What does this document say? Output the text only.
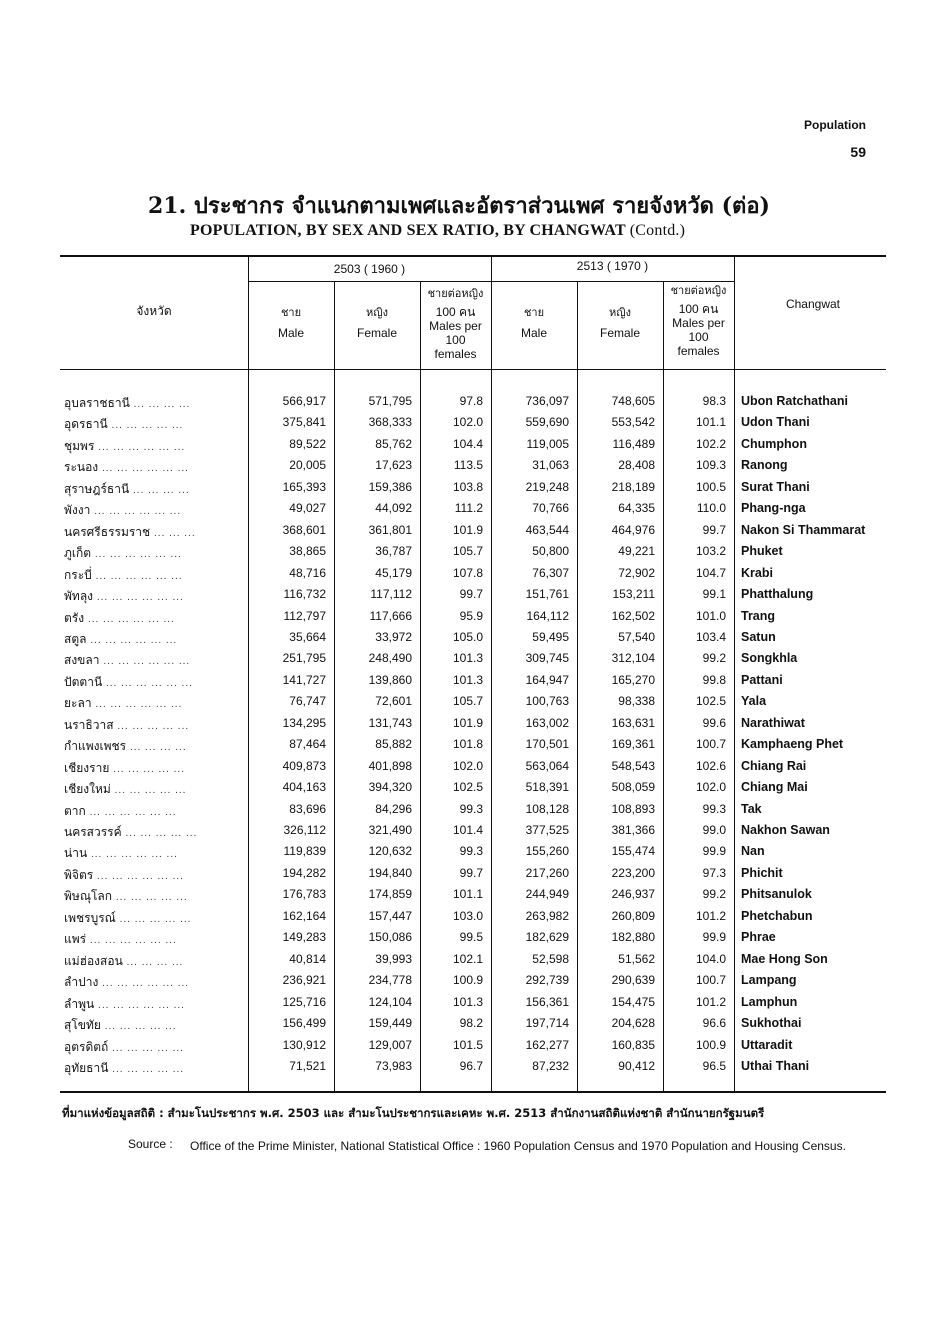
Population
59
21. ประชากร จำแนกตามเพศและอัตราส่วนเพศ รายจังหวัด (ต่อ)
POPULATION, BY SEX AND SEX RATIO, BY CHANGWAT (Contd.)
จังหวัด
2503 ( 1960 )	2513 ( 1970 )
ชาย
Male
หญิง
Female
ชายต่อหญิง
100 คน
Males per
100
females
ชาย
Male
หญิง
Female
ชายต่อหญิง
100 คน
Males per
100
females
Changwat
อุบลราชธานี ... ... ... ...	566,917	571,795	97.8	736,097	748,605	98.3 Ubon Ratchathani
อุดรธานี ... ... ... ... ...	375,841	368,333	102.0	559,690	553,542	101.1 Udon Thani
ชุมพร ... ... ... ... ... ...	89,522	85,762	104.4	119,005	116,489	102.2 Chumphon
ระนอง ... ... ... ... ... ...	20,005	17,623	113.5	31,063	28,408	109.3 Ranong
สุราษฎร์ธานี ... ... ... ...	165,393	159,386	103.8	219,248	218,189	100.5 Surat Thani
พังงา ... ... ... ... ... ...	49,027	44,092	111.2	70,766	64,335	110.0 Phang-nga
นครศรีธรรมราช ... ... ...	368,601	361,801	101.9	463,544	464,976	99.7 Nakon Si Thammarat
ภูเก็ต ... ... ... ... ... ...	38,865	36,787	105.7	50,800	49,221	103.2 Phuket
กระบี่ ... ... ... ... ... ...	48,716	45,179	107.8	76,307	72,902	104.7 Krabi
พัทลุง ... ... ... ... ... ...	116,732	117,112	99.7	151,761	153,211	99.1 Phatthalung
ตรัง ... ... ... ... ... ...	112,797	117,666	95.9	164,112	162,502	101.0 Trang
สตูล ... ... ... ... ... ...	35,664	33,972	105.0	59,495	57,540	103.4 Satun
สงขลา ... ... ... ... ... ...	251,795	248,490	101.3	309,745	312,104	99.2 Songkhla
ปัตตานี ... ... ... ... ... ...	141,727	139,860	101.3	164,947	165,270	99.8 Pattani
ยะลา ... ... ... ... ... ...	76,747	72,601	105.7	100,763	98,338	102.5 Yala
นราธิวาส ... ... ... ... ...	134,295	131,743	101.9	163,002	163,631	99.6 Narathiwat
กำแพงเพชร ... ... ... ...	87,464	85,882	101.8	170,501	169,361	100.7 Kamphaeng Phet
เชียงราย ... ... ... ... ...	409,873	401,898	102.0	563,064	548,543	102.6 Chiang Rai
เชียงใหม่ ... ... ... ... ...	404,163	394,320	102.5	518,391	508,059	102.0 Chiang Mai
ตาก ... ... ... ... ... ...	83,696	84,296	99.3	108,128	108,893	99.3 Tak
นครสวรรค์ ... ... ... ... ...	326,112	321,490	101.4	377,525	381,366	99.0 Nakhon Sawan
น่าน ... ... ... ... ... ...	119,839	120,632	99.3	155,260	155,474	99.9 Nan
พิจิตร ... ... ... ... ... ...	194,282	194,840	99.7	217,260	223,200	97.3 Phichit
พิษณุโลก ... ... ... ... ...	176,783	174,859	101.1	244,949	246,937	99.2 Phitsanulok
เพชรบูรณ์ ... ... ... ... ...	162,164	157,447	103.0	263,982	260,809	101.2 Phetchabun
แพร่ ... ... ... ... ... ...	149,283	150,086	99.5	182,629	182,880	99.9 Phrae
แม่ฮ่องสอน ... ... ... ...	40,814	39,993	102.1	52,598	51,562	104.0 Mae Hong Son
ลำปาง ... ... ... ... ... ...	236,921	234,778	100.9	292,739	290,639	100.7 Lampang
ลำพูน ... ... ... ... ... ...	125,716	124,104	101.3	156,361	154,475	101.2 Lamphun
สุโขทัย ... ... ... ... ...	156,499	159,449	98.2	197,714	204,628	96.6 Sukhothai
อุตรดิตถ์ ... ... ... ... ...	130,912	129,007	101.5	162,277	160,835	100.9 Uttaradit
อุทัยธานี ... ... ... ... ...	71,521	73,983	96.7	87,232	90,412	96.5 Uthai Thani
ที่มาแห่งข้อมูลสถิติ : สำมะโนประชากร พ.ศ. 2503 และ สำมะโนประชากรและเคหะ พ.ศ. 2513 สำนักงานสถิติแห่งชาติ สำนักนายกรัฐมนตรี
Source : Office of the Prime Minister, National Statistical Office : 1960 Population Census and 1970 Population and Housing Census.
